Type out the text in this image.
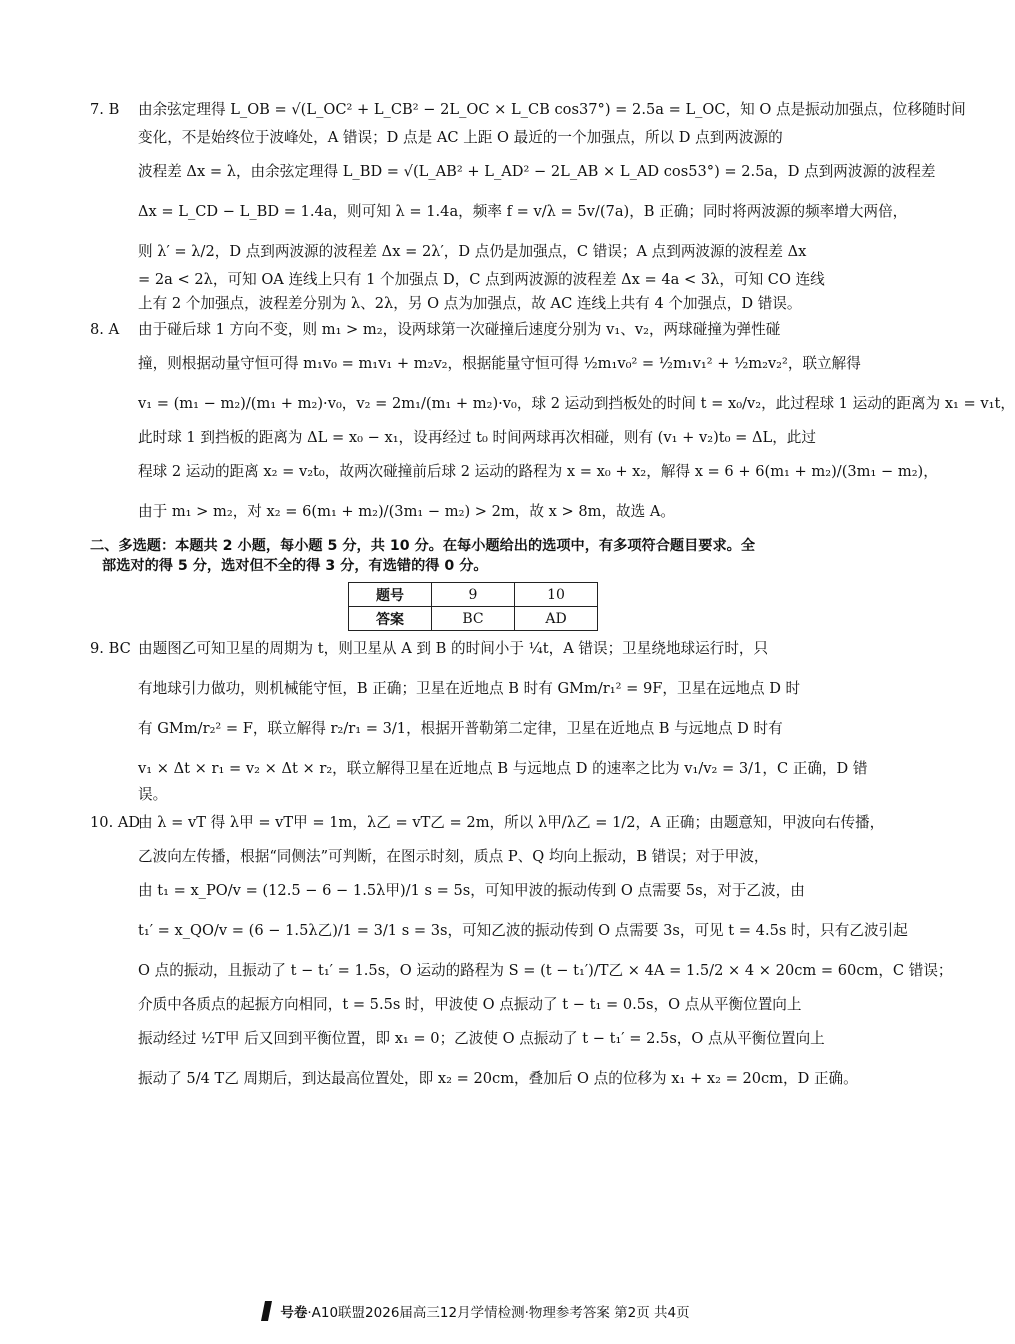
7. B 由余弦定理得 L_OB = √(L_OC² + L_CB² − 2L_OC × L_CB cos37°) = 2.5a = L_OC，知 O 点是振动加强点，位移随时间
变化，不是始终位于波峰处，A 错误；D 点是 AC 上距 O 最近的一个加强点，所以 D 点到两波源的
波程差 Δx = λ，由余弦定理得 L_BD = √(L_AB² + L_AD² − 2L_AB × L_AD cos53°) = 2.5a，D 点到两波源的波程差
Δx = L_CD − L_BD = 1.4a，则可知 λ = 1.4a，频率 f = v/λ = 5v/(7a)，B 正确；同时将两波源的频率增大两倍，
则 λ′ = λ/2，D 点到两波源的波程差 Δx = 2λ′，D 点仍是加强点，C 错误；A 点到两波源的波程差 Δx
= 2a < 2λ，可知 OA 连线上只有 1 个加强点 D，C 点到两波源的波程差 Δx = 4a < 3λ，可知 CO 连线
上有 2 个加强点，波程差分别为 λ、2λ，另 O 点为加强点，故 AC 连线上共有 4 个加强点，D 错误。
8. A 由于碰后球 1 方向不变，则 m₁ > m₂，设两球第一次碰撞后速度分别为 v₁、v₂，两球碰撞为弹性碰
撞，则根据动量守恒可得 m₁v₀ = m₁v₁ + m₂v₂，根据能量守恒可得 ½m₁v₀² = ½m₁v₁² + ½m₂v₂²，联立解得
v₁ = (m₁ − m₂)/(m₁ + m₂)·v₀，v₂ = 2m₁/(m₁ + m₂)·v₀，球 2 运动到挡板处的时间 t = x₀/v₂，此过程球 1 运动的距离为 x₁ = v₁t，
此时球 1 到挡板的距离为 ΔL = x₀ − x₁，设再经过 t₀ 时间两球再次相碰，则有 (v₁ + v₂)t₀ = ΔL，此过
程球 2 运动的距离 x₂ = v₂t₀，故两次碰撞前后球 2 运动的路程为 x = x₀ + x₂，解得 x = 6 + 6(m₁ + m₂)/(3m₁ − m₂)，
由于 m₁ > m₂，对 x₂ = 6(m₁ + m₂)/(3m₁ − m₂) > 2m，故 x > 8m，故选 A。
二、多选题：本题共 2 小题，每小题 5 分，共 10 分。在每小题给出的选项中，有多项符合题目要求。全
部选对的得 5 分，选对但不全的得 3 分，有选错的得 0 分。
题号	9	10
答案	BC	AD
9. BC 由题图乙可知卫星的周期为 t，则卫星从 A 到 B 的时间小于 ¼t，A 错误；卫星绕地球运行时，只
有地球引力做功，则机械能守恒，B 正确；卫星在近地点 B 时有 GMm/r₁² = 9F，卫星在远地点 D 时
有 GMm/r₂² = F，联立解得 r₂/r₁ = 3/1，根据开普勒第二定律，卫星在近地点 B 与远地点 D 时有
v₁ × Δt × r₁ = v₂ × Δt × r₂，联立解得卫星在近地点 B 与远地点 D 的速率之比为 v₁/v₂ = 3/1，C 正确，D 错
误。
10. AD由 λ = vT 得 λ甲 = vT甲 = 1m，λ乙 = vT乙 = 2m，所以 λ甲/λ乙 = 1/2，A 正确；由题意知，甲波向右传播，
乙波向左传播，根据“同侧法”可判断，在图示时刻，质点 P、Q 均向上振动，B 错误；对于甲波，
由 t₁ = x_PO/v = (12.5 − 6 − 1.5λ甲)/1 s = 5s，可知甲波的振动传到 O 点需要 5s，对于乙波，由
t₁′ = x_QO/v = (6 − 1.5λ乙)/1 = 3/1 s = 3s，可知乙波的振动传到 O 点需要 3s，可见 t = 4.5s 时，只有乙波引起
O 点的振动，且振动了 t − t₁′ = 1.5s，O 运动的路程为 S = (t − t₁′)/T乙 × 4A = 1.5/2 × 4 × 20cm = 60cm，C 错误；
介质中各质点的起振方向相同，t = 5.5s 时，甲波使 O 点振动了 t − t₁ = 0.5s，O 点从平衡位置向上
振动经过 ½T甲 后又回到平衡位置，即 x₁ = 0；乙波使 O 点振动了 t − t₁′ = 2.5s，O 点从平衡位置向上
振动了 5/4 T乙 周期后，到达最高位置处，即 x₂ = 20cm，叠加后 O 点的位移为 x₁ + x₂ = 20cm，D 正确。
号卷·A10联盟2026届高三12月学情检测·物理参考答案 第2页 共4页
